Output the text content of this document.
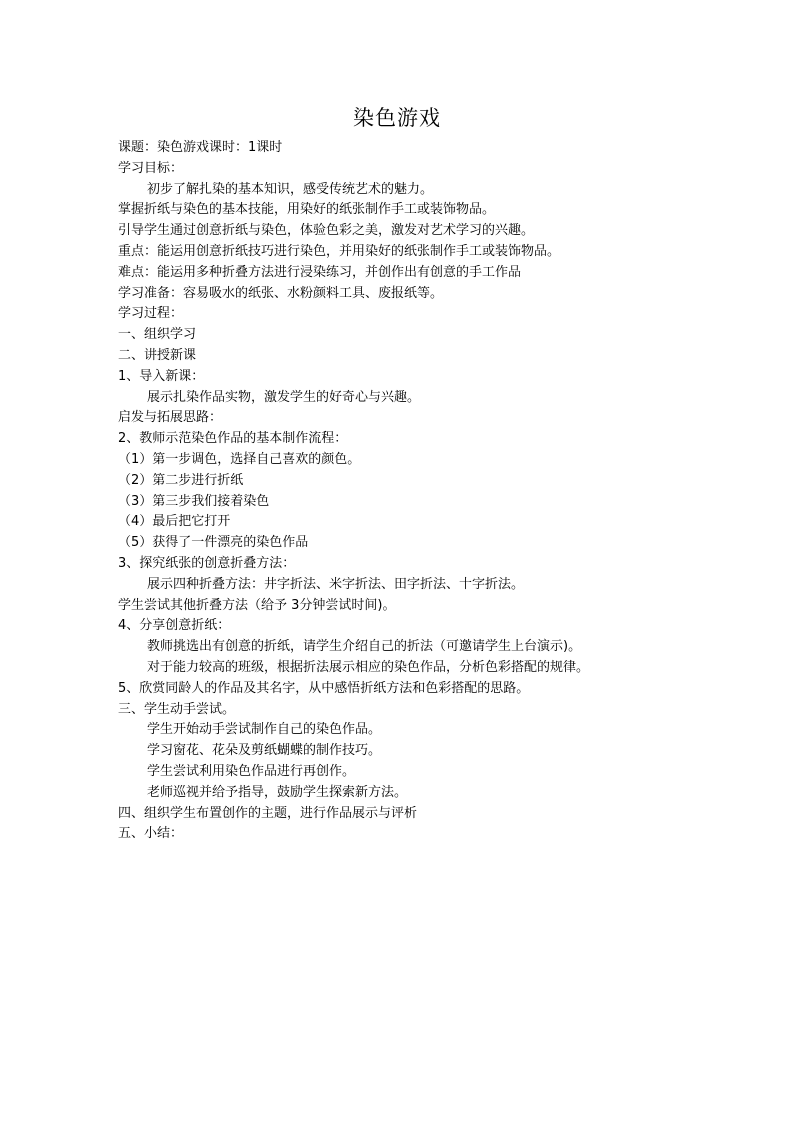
染色游戏
课题：染色游戏课时：1课时
学习目标：
初步了解扎染的基本知识，感受传统艺术的魅力。
掌握折纸与染色的基本技能，用染好的纸张制作手工或装饰物品。
引导学生通过创意折纸与染色，体验色彩之美，激发对艺术学习的兴趣。
重点：能运用创意折纸技巧进行染色，并用染好的纸张制作手工或装饰物品。
难点：能运用多种折叠方法进行浸染练习，并创作出有创意的手工作品
学习准备：容易吸水的纸张、水粉颜料工具、废报纸等。
学习过程：
一、组织学习
二、讲授新课
1、导入新课：
展示扎染作品实物，激发学生的好奇心与兴趣。
启发与拓展思路：
2、教师示范染色作品的基本制作流程：
（1）第一步调色，选择自己喜欢的颜色。
（2）第二步进行折纸
（3）第三步我们接着染色
（4）最后把它打开
（5）获得了一件漂亮的染色作品
3、探究纸张的创意折叠方法：
展示四种折叠方法：井字折法、米字折法、田字折法、十字折法。
学生尝试其他折叠方法（给予 3分钟尝试时间)。
4、分享创意折纸：
教师挑选出有创意的折纸，请学生介绍自己的折法（可邀请学生上台演示)。
对于能力较高的班级，根据折法展示相应的染色作品，分析色彩搭配的规律。
5、欣赏同龄人的作品及其名字，从中感悟折纸方法和色彩搭配的思路。
三、学生动手尝试。
学生开始动手尝试制作自己的染色作品。
学习窗花、花朵及剪纸蝴蝶的制作技巧。
学生尝试利用染色作品进行再创作。
老师巡视并给予指导，鼓励学生探索新方法。
四、组织学生布置创作的主题，进行作品展示与评析
五、小结：
